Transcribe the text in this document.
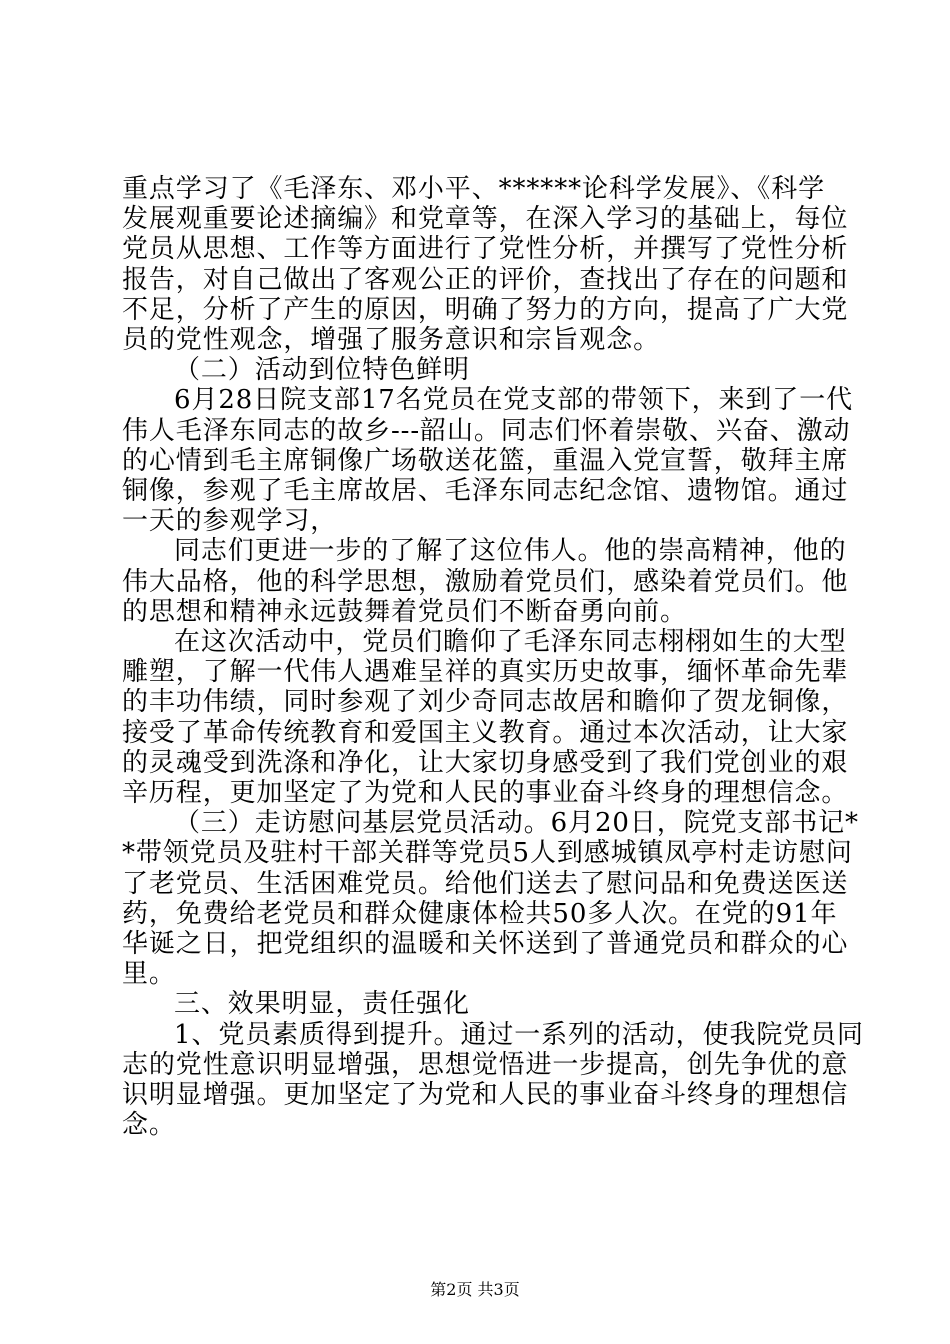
重点学习了《毛泽东、邓小平、******论科学发展》、《科学
发展观重要论述摘编》和党章等，在深入学习的基础上，每位
党员从思想、工作等方面进行了党性分析，并撰写了党性分析
报告，对自己做出了客观公正的评价，查找出了存在的问题和
不足，分析了产生的原因，明确了努力的方向，提高了广大党
员的党性观念，增强了服务意识和宗旨观念。
（二）活动到位特色鲜明
6月28日院支部17名党员在党支部的带领下，来到了一代
伟人毛泽东同志的故乡---韶山。同志们怀着崇敬、兴奋、激动
的心情到毛主席铜像广场敬送花篮，重温入党宣誓，敬拜主席
铜像，参观了毛主席故居、毛泽东同志纪念馆、遗物馆。通过
一天的参观学习，
同志们更进一步的了解了这位伟人。他的崇高精神，他的
伟大品格，他的科学思想，激励着党员们，感染着党员们。他
的思想和精神永远鼓舞着党员们不断奋勇向前。
在这次活动中，党员们瞻仰了毛泽东同志栩栩如生的大型
雕塑，了解一代伟人遇难呈祥的真实历史故事，缅怀革命先辈
的丰功伟绩，同时参观了刘少奇同志故居和瞻仰了贺龙铜像，
接受了革命传统教育和爱国主义教育。通过本次活动，让大家
的灵魂受到洗涤和净化，让大家切身感受到了我们党创业的艰
辛历程，更加坚定了为党和人民的事业奋斗终身的理想信念。
（三）走访慰问基层党员活动。6月20日，院党支部书记*
*带领党员及驻村干部关群等党员5人到感城镇凤亭村走访慰问
了老党员、生活困难党员。给他们送去了慰问品和免费送医送
药，免费给老党员和群众健康体检共50多人次。在党的91年
华诞之日，把党组织的温暖和关怀送到了普通党员和群众的心
里。
三、效果明显，责任强化
1、党员素质得到提升。通过一系列的活动，使我院党员同
志的党性意识明显增强，思想觉悟进一步提高，创先争优的意
识明显增强。更加坚定了为党和人民的事业奋斗终身的理想信
念。
第2页 共3页
